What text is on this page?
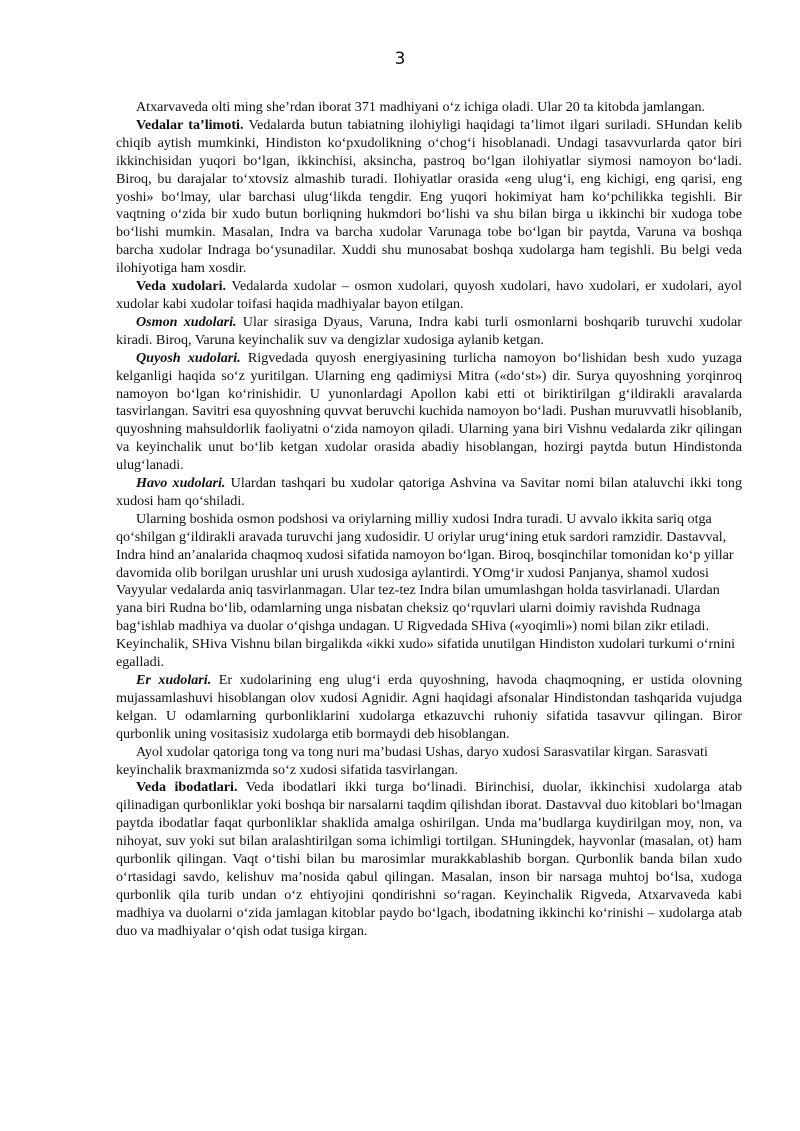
3

Atxarvaveda olti ming she’rdan iborat 371 madhiyani o‘z ichiga oladi. Ular 20 ta kitobda jamlangan.

Vedalar ta’limoti. Vedalarda butun tabiatning ilohiyligi haqidagi ta’limot ilgari suriladi. SHundan kelib chiqib aytish mumkinki, Hindiston ko‘pxudolikning o‘chog‘i hisoblanadi. Undagi tasavvurlarda qator biri ikkinchisidan yuqori bo‘lgan, ikkinchisi, aksincha, pastroq bo‘lgan ilohiyatlar siymosi namoyon bo‘ladi. Biroq, bu darajalar to‘xtovsiz almashib turadi. Ilohiyatlar orasida «eng ulug‘i, eng kichigi, eng qarisi, eng yoshi» bo‘lmay, ular barchasi ulug‘likda tengdir. Eng yuqori hokimiyat ham ko‘pchilikka tegishli. Bir vaqtning o‘zida bir xudo butun borliqning hukmdori bo‘lishi va shu bilan birga u ikkinchi bir xudoga tobe bo‘lishi mumkin. Masalan, Indra va barcha xudolar Varunaga tobe bo‘lgan bir paytda, Varuna va boshqa barcha xudolar Indraga bo‘ysunadilar. Xuddi shu munosabat boshqa xudolarga ham tegishli. Bu belgi veda ilohiyotiga ham xosdir.

Veda xudolari. Vedalarda xudolar – osmon xudolari, quyosh xudolari, havo xudolari, er xudolari, ayol xudolar kabi xudolar toifasi haqida madhiyalar bayon etilgan.

Osmon xudolari. Ular sirasiga Dyaus, Varuna, Indra kabi turli osmonlarni boshqarib turuvchi xudolar kiradi. Biroq, Varuna keyinchalik suv va dengizlar xudosiga aylanib ketgan.

Quyosh xudolari. Rigvedada quyosh energiyasining turlicha namoyon bo‘lishidan besh xudo yuzaga kelganligi haqida so‘z yuritilgan. Ularning eng qadimiysi Mitra («do‘st») dir. Surya quyoshning yorqinroq namoyon bo‘lgan ko‘rinishidir. U yunonlardagi Apollon kabi etti ot biriktirilgan g‘ildirakli aravalarda tasvirlangan. Savitri esa quyoshning quvvat beruvchi kuchida namoyon bo‘ladi. Pushan muruvvatli hisoblanib, quyoshning mahsuldorlik faoliyatni o‘zida namoyon qiladi. Ularning yana biri Vishnu vedalarda zikr qilingan va keyinchalik unut bo‘lib ketgan xudolar orasida abadiy hisoblangan, hozirgi paytda butun Hindistonda ulug‘lanadi.

Havo xudolari. Ulardan tashqari bu xudolar qatoriga Ashvina va Savitar nomi bilan ataluvchi ikki tong xudosi ham qo‘shiladi.

Ularning boshida osmon podshosi va oriylarning milliy xudosi Indra turadi. U avvalo ikkita sariq otga qo‘shilgan g‘ildirakli aravada turuvchi jang xudosidir. U oriylar urug‘ining etuk sardori ramzidir. Dastavval, Indra hind an’analarida chaqmoq xudosi sifatida namoyon bo‘lgan. Biroq, bosqinchilar tomonidan ko‘p yillar davomida olib borilgan urushlar uni urush xudosiga aylantirdi. YOmg‘ir xudosi Panjanya, shamol xudosi Vayyular vedalarda aniq tasvirlanmagan. Ular tez-tez Indra bilan umumlashgan holda tasvirlanadi. Ulardan yana biri Rudna bo‘lib, odamlarning unga nisbatan cheksiz qo‘rquvlari ularni doimiy ravishda Rudnaga bag‘ishlab madhiya va duolar o‘qishga undagan. U Rigvedada SHiva («yoqimli») nomi bilan zikr etiladi. Keyinchalik, SHiva Vishnu bilan birgalikda «ikki xudo» sifatida unutilgan Hindiston xudolari turkumi o‘rnini egalladi.

Er xudolari. Er xudolarining eng ulug‘i erda quyoshning, havoda chaqmoqning, er ustida olovning mujassamlashuvi hisoblangan olov xudosi Agnidir. Agni haqidagi afsonalar Hindistondan tashqarida vujudga kelgan. U odamlarning qurbonliklarini xudolarga etkazuvchi ruhoniy sifatida tasavvur qilingan. Biror qurbonlik uning vositasisiz xudolarga etib bormaydi deb hisoblangan.

Ayol xudolar qatoriga tong va tong nuri ma’budasi Ushas, daryo xudosi Sarasvatilar kirgan. Sarasvati keyinchalik braxmanizmda so‘z xudosi sifatida tasvirlangan.

Veda ibodatlari. Veda ibodatlari ikki turga bo‘linadi. Birinchisi, duolar, ikkinchisi xudolarga atab qilinadigan qurbonliklar yoki boshqa bir narsalarni taqdim qilishdan iborat. Dastavval duo kitoblari bo‘lmagan paytda ibodatlar faqat qurbonliklar shaklida amalga oshirilgan. Unda ma’budlarga kuydirilgan moy, non, va nihoyat, suv yoki sut bilan aralashtirilgan soma ichimligi tortilgan. SHuningdek, hayvonlar (masalan, ot) ham qurbonlik qilingan. Vaqt o‘tishi bilan bu marosimlar murakkablashib borgan. Qurbonlik banda bilan xudo o‘rtasidagi savdo, kelishuv ma’nosida qabul qilingan. Masalan, inson bir narsaga muhtoj bo‘lsa, xudoga qurbonlik qila turib undan o‘z ehtiyojini qondirishni so‘ragan. Keyinchalik Rigveda, Atxarvaveda kabi madhiya va duolarni o‘zida jamlagan kitoblar paydo bo‘lgach, ibodatning ikkinchi ko‘rinishi – xudolarga atab duo va madhiyalar o‘qish odat tusiga kirgan.
